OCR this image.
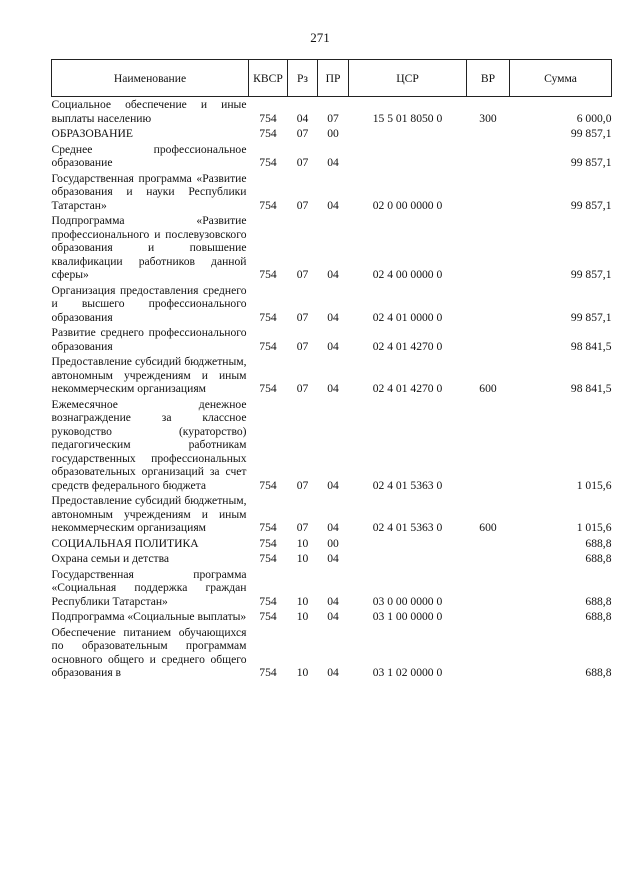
271
Наименование	КВСР	Рз	ПР	ЦСР	ВР	Сумма
Социальное обеспечение и иные выплаты населению	754	04	07	15 5 01 8050 0	300	6 000,0
ОБРАЗОВАНИЕ	754	07	00			99 857,1
Среднее профессиональное образование	754	07	04			99 857,1
Государственная программа «Развитие образования и науки Республики Татарстан»	754	07	04	02 0 00 0000 0		99 857,1
Подпрограмма «Развитие профессионального и послевузовского образования и повышение квалификации работников данной сферы»	754	07	04	02 4 00 0000 0		99 857,1
Организация предоставления среднего и высшего профессионального образования	754	07	04	02 4 01 0000 0		99 857,1
Развитие среднего профессионального образования	754	07	04	02 4 01 4270 0		98 841,5
Предоставление субсидий бюджетным, автономным учреждениям и иным некоммерческим организациям	754	07	04	02 4 01 4270 0	600	98 841,5
Ежемесячное денежное вознаграждение за классное руководство (кураторство) педагогическим работникам государственных профессиональных образовательных организаций за счет средств федерального бюджета	754	07	04	02 4 01 5363 0		1 015,6
Предоставление субсидий бюджетным, автономным учреждениям и иным некоммерческим организациям	754	07	04	02 4 01 5363 0	600	1 015,6
СОЦИАЛЬНАЯ ПОЛИТИКА	754	10	00			688,8
Охрана семьи и детства	754	10	04			688,8
Государственная программа «Социальная поддержка граждан Республики Татарстан»	754	10	04	03 0 00 0000 0		688,8
Подпрограмма «Социальные выплаты»	754	10	04	03 1 00 0000 0		688,8
Обеспечение питанием обучающихся по образовательным программам основного общего и среднего общего образования в	754	10	04	03 1 02 0000 0		688,8
